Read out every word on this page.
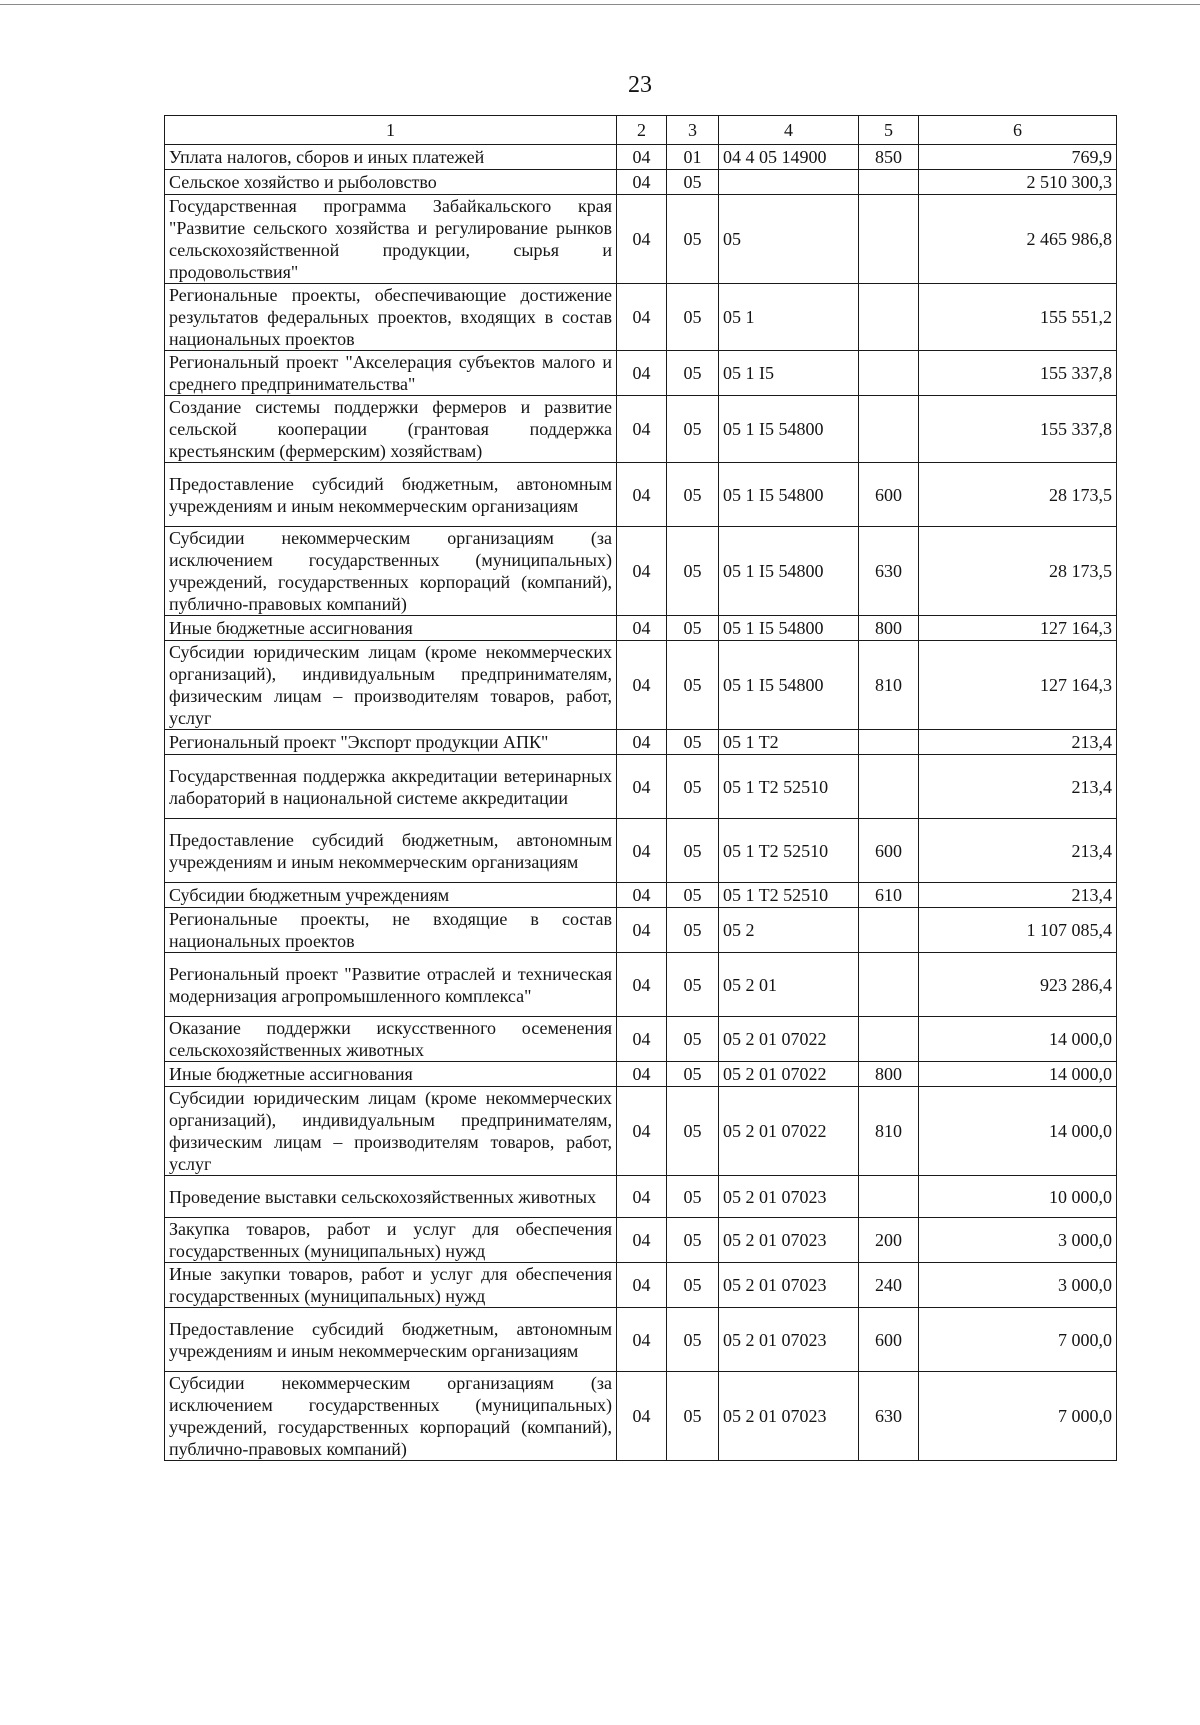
23
1	2	3	4	5	6
Уплата налогов, сборов и иных платежей	04	01	04 4 05 14900	850	769,9
Сельское хозяйство и рыболовство	04	05			2 510 300,3
Государственная программа Забайкальского края "Развитие сельского хозяйства и регулирование рынков сельскохозяйственной продукции, сырья и продовольствия"	04	05	05		2 465 986,8
Региональные проекты, обеспечивающие достижение результатов федеральных проектов, входящих в состав национальных проектов	04	05	05 1		155 551,2
Региональный проект "Акселерация субъектов малого и среднего предпринимательства"	04	05	05 1 I5		155 337,8
Создание системы поддержки фермеров и развитие сельской кооперации (грантовая поддержка крестьянским (фермерским) хозяйствам)	04	05	05 1 I5 54800		155 337,8
Предоставление субсидий бюджетным, автономным учреждениям и иным некоммерческим организациям	04	05	05 1 I5 54800	600	28 173,5
Субсидии некоммерческим организациям (за исключением государственных (муниципальных) учреждений, государственных корпораций (компаний), публично-правовых компаний)	04	05	05 1 I5 54800	630	28 173,5
Иные бюджетные ассигнования	04	05	05 1 I5 54800	800	127 164,3
Субсидии юридическим лицам (кроме некоммерческих организаций), индивидуальным предпринимателям, физическим лицам – производителям товаров, работ, услуг	04	05	05 1 I5 54800	810	127 164,3
Региональный проект "Экспорт продукции АПК"	04	05	05 1 T2		213,4
Государственная поддержка аккредитации ветеринарных лабораторий в национальной системе аккредитации	04	05	05 1 T2 52510		213,4
Предоставление субсидий бюджетным, автономным учреждениям и иным некоммерческим организациям	04	05	05 1 T2 52510	600	213,4
Субсидии бюджетным учреждениям	04	05	05 1 T2 52510	610	213,4
Региональные проекты, не входящие в состав национальных проектов	04	05	05 2		1 107 085,4
Региональный проект "Развитие отраслей и техническая модернизация агропромышленного комплекса"	04	05	05 2 01		923 286,4
Оказание поддержки искусственного осеменения сельскохозяйственных животных	04	05	05 2 01 07022		14 000,0
Иные бюджетные ассигнования	04	05	05 2 01 07022	800	14 000,0
Субсидии юридическим лицам (кроме некоммерческих организаций), индивидуальным предпринимателям, физическим лицам – производителям товаров, работ, услуг	04	05	05 2 01 07022	810	14 000,0
Проведение выставки сельскохозяйственных животных	04	05	05 2 01 07023		10 000,0
Закупка товаров, работ и услуг для обеспечения государственных (муниципальных) нужд	04	05	05 2 01 07023	200	3 000,0
Иные закупки товаров, работ и услуг для обеспечения государственных (муниципальных) нужд	04	05	05 2 01 07023	240	3 000,0
Предоставление субсидий бюджетным, автономным учреждениям и иным некоммерческим организациям	04	05	05 2 01 07023	600	7 000,0
Субсидии некоммерческим организациям (за исключением государственных (муниципальных) учреждений, государственных корпораций (компаний), публично-правовых компаний)	04	05	05 2 01 07023	630	7 000,0
